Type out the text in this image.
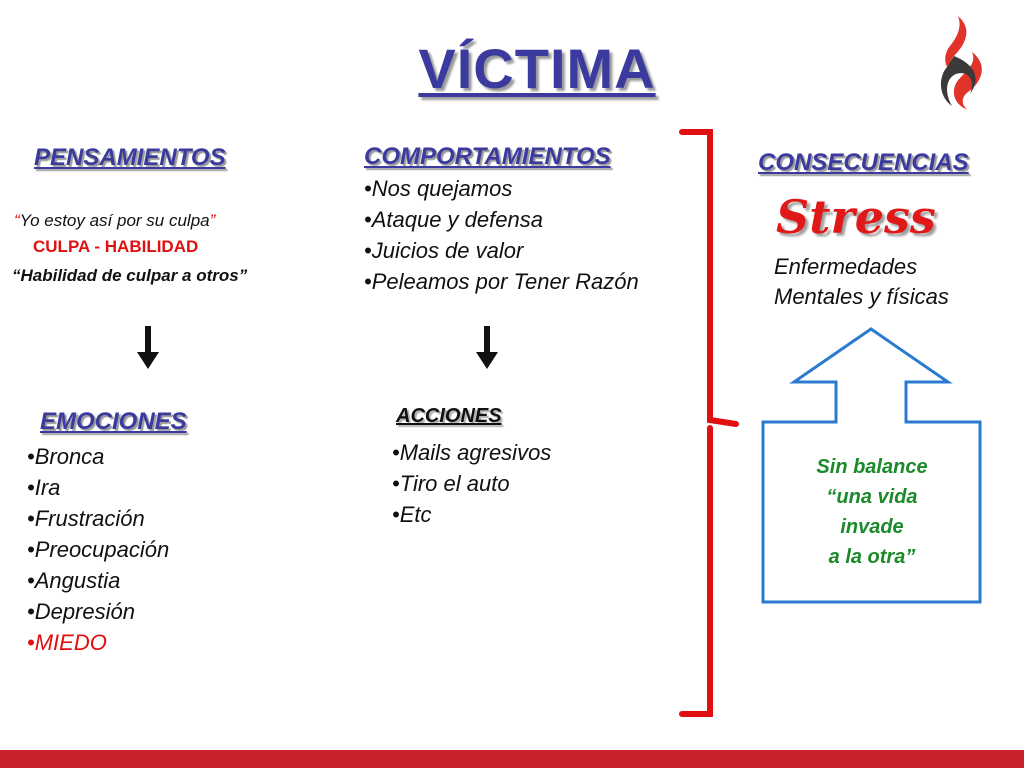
VÍCTIMA
PENSAMIENTOS
“Yo estoy así por su culpa”
CULPA - HABILIDAD
“Habilidad de culpar a otros”
COMPORTAMIENTOS
• Nos quejamos
• Ataque y defensa
• Juicios de valor
• Peleamos por Tener Razón
CONSECUENCIAS
Stress
Enfermedades
Mentales y físicas
EMOCIONES
• Bronca
• Ira
• Frustración
• Preocupación
• Angustia
• Depresión
• MIEDO
ACCIONES
• Mails agresivos
• Tiro el auto
• Etc
Sin balance
“una vida
invade
a la otra”
